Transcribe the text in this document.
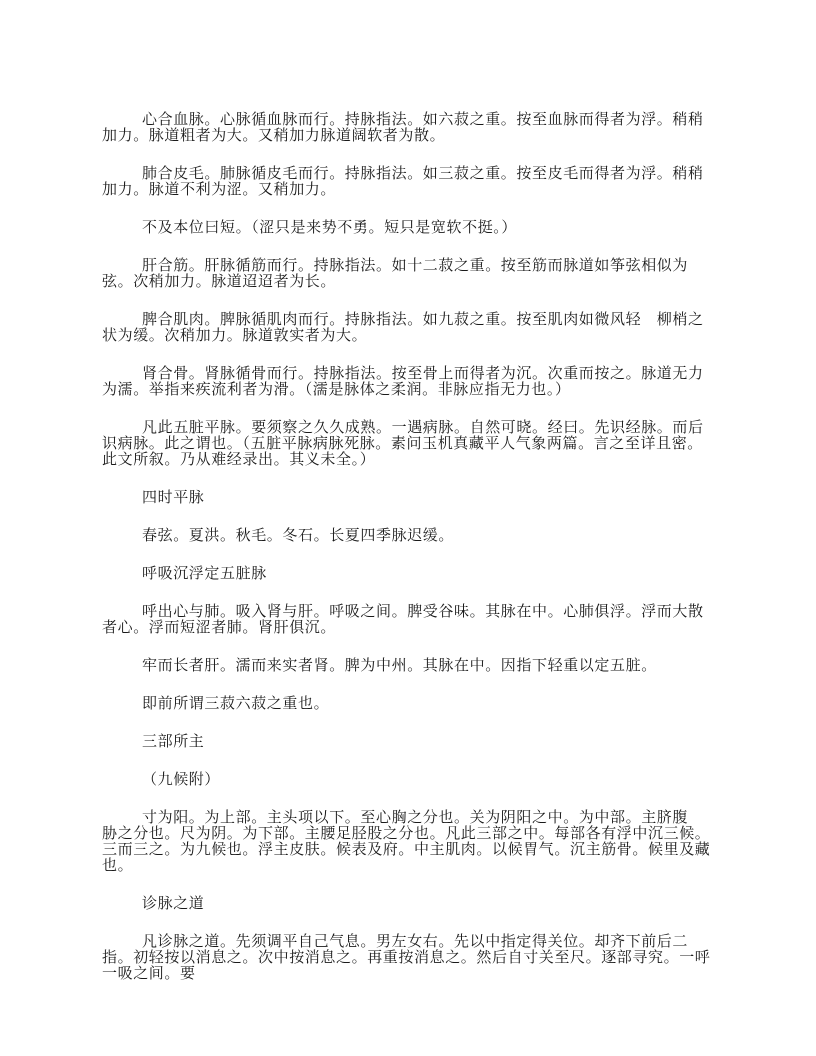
心合血脉。心脉循血脉而行。持脉指法。如六菽之重。按至血脉而得者为浮。稍稍加力。脉道粗者为大。又稍加力脉道阔软者为散。

肺合皮毛。肺脉循皮毛而行。持脉指法。如三菽之重。按至皮毛而得者为浮。稍稍加力。脉道不利为涩。又稍加力。

不及本位曰短。（涩只是来势不勇。短只是宽软不挺。）

肝合筋。肝脉循筋而行。持脉指法。如十二菽之重。按至筋而脉道如筝弦相似为弦。次稍加力。脉道迢迢者为长。

脾合肌肉。脾脉循肌肉而行。持脉指法。如九菽之重。按至肌肉如微风轻　柳梢之状为缓。次稍加力。脉道敦实者为大。

肾合骨。肾脉循骨而行。持脉指法。按至骨上而得者为沉。次重而按之。脉道无力为濡。举指来疾流利者为滑。（濡是脉体之柔润。非脉应指无力也。）

凡此五脏平脉。要须察之久久成熟。一遇病脉。自然可晓。经曰。先识经脉。而后识病脉。此之谓也。（五脏平脉病脉死脉。素问玉机真藏平人气象两篇。言之至详且密。此文所叙。乃从难经录出。其义未全。）

四时平脉

春弦。夏洪。秋毛。冬石。长夏四季脉迟缓。

呼吸沉浮定五脏脉

呼出心与肺。吸入肾与肝。呼吸之间。脾受谷味。其脉在中。心肺俱浮。浮而大散者心。浮而短涩者肺。肾肝俱沉。

牢而长者肝。濡而来实者肾。脾为中州。其脉在中。因指下轻重以定五脏。

即前所谓三菽六菽之重也。

三部所主

（九候附）

寸为阳。为上部。主头项以下。至心胸之分也。关为阴阳之中。为中部。主脐腹　胁之分也。尺为阴。为下部。主腰足胫股之分也。凡此三部之中。每部各有浮中沉三候。三而三之。为九候也。浮主皮肤。候表及府。中主肌肉。以候胃气。沉主筋骨。候里及藏也。

诊脉之道

凡诊脉之道。先须调平自己气息。男左女右。先以中指定得关位。却齐下前后二指。初轻按以消息之。次中按消息之。再重按消息之。然后自寸关至尺。逐部寻究。一呼一吸之间。要
